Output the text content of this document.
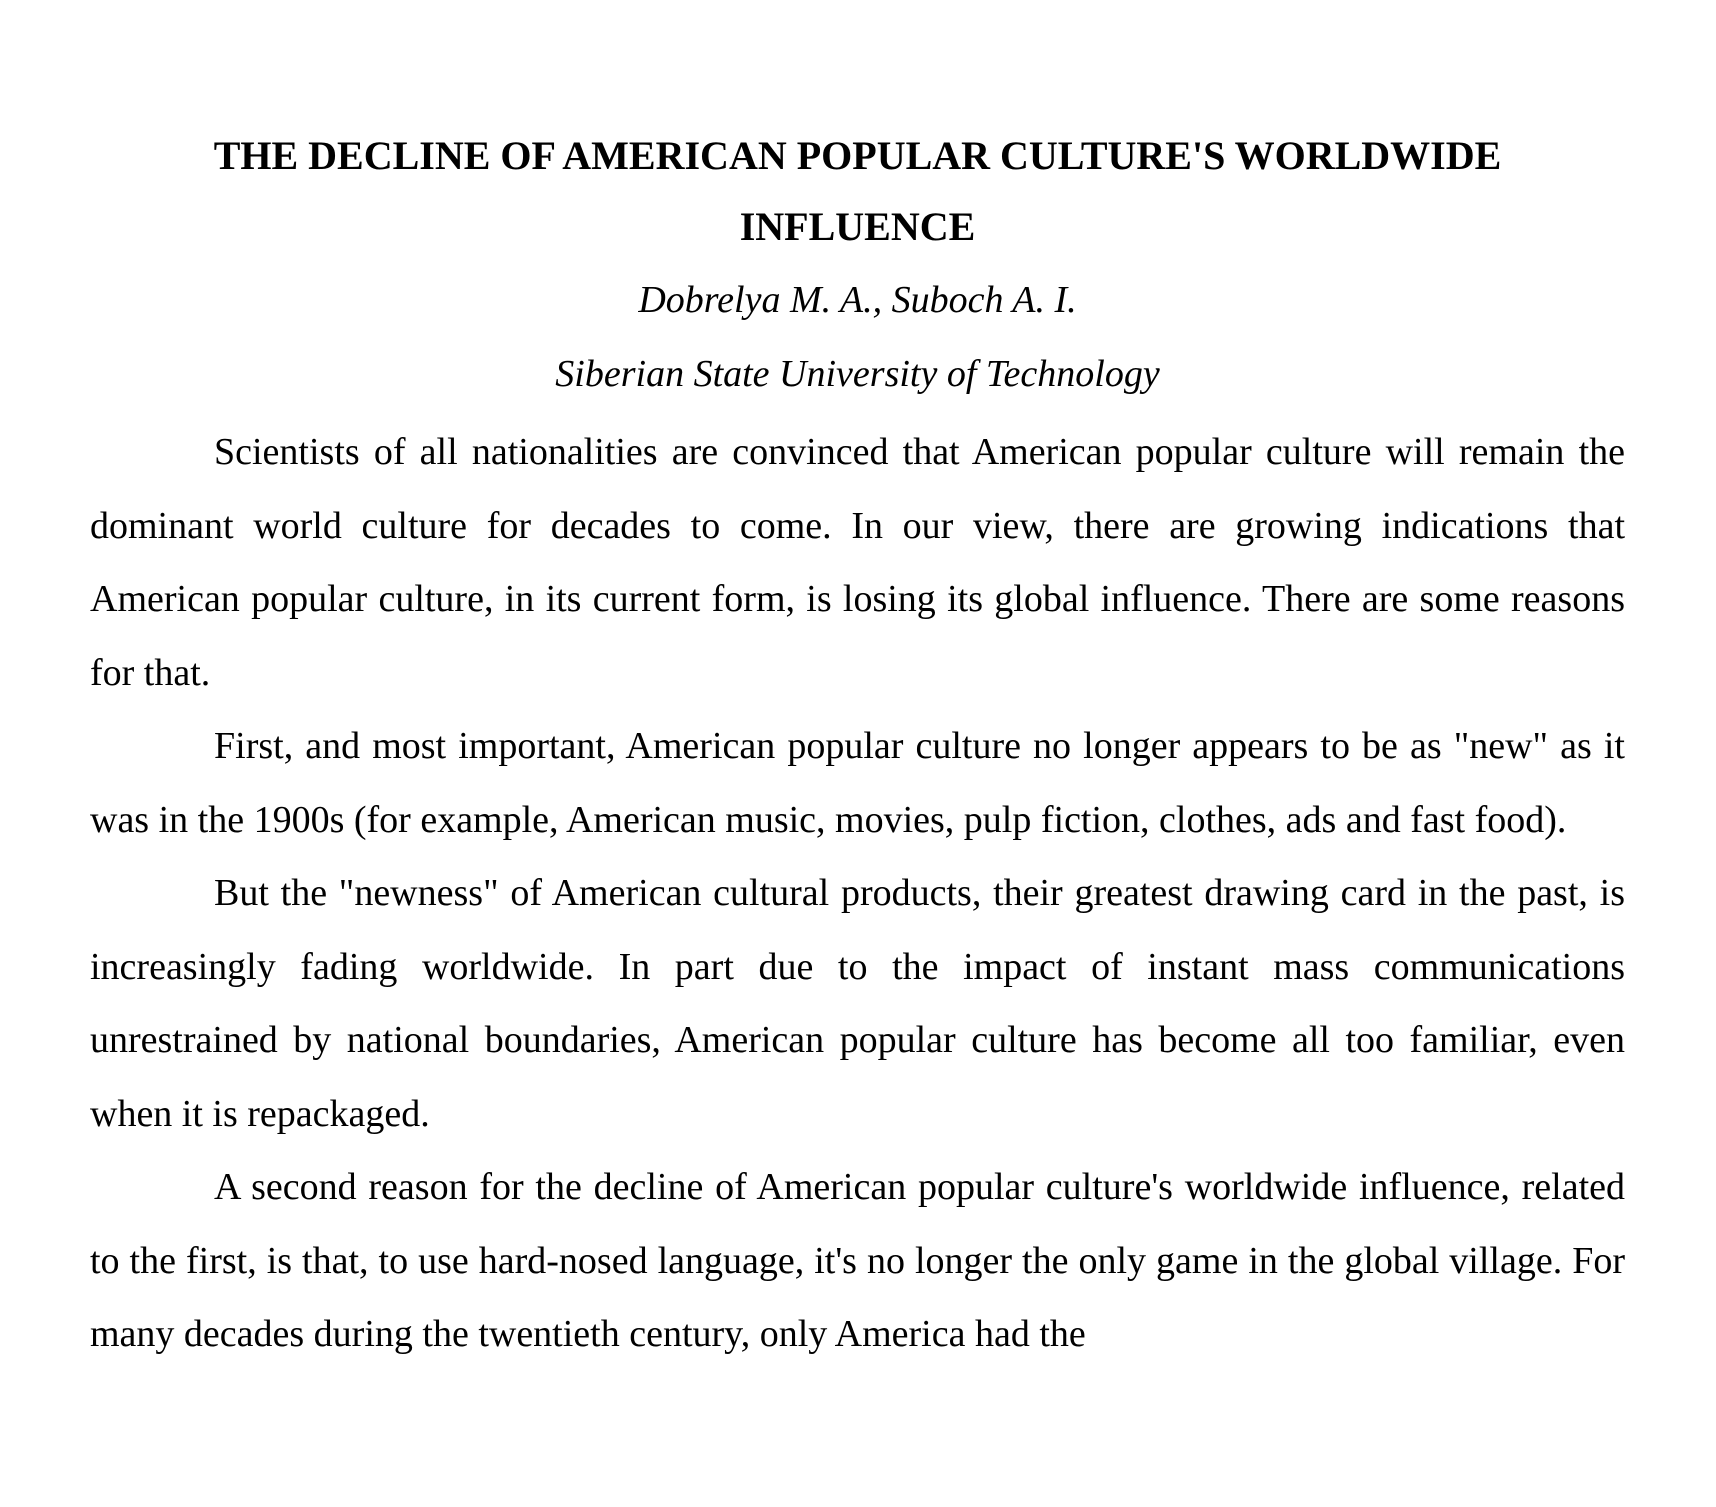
THE DECLINE OF AMERICAN POPULAR CULTURE'S WORLDWIDE
INFLUENCE
Dobrelya M. A., Suboch A. I.
Siberian State University of Technology

Scientists of all nationalities are convinced that American popular culture will remain the dominant world culture for decades to come. In our view, there are growing indications that American popular culture, in its current form, is losing its global influence. There are some reasons for that.

First, and most important, American popular culture no longer appears to be as "new" as it was in the 1900s (for example, American music, movies, pulp fiction, clothes, ads and fast food).

But the "newness" of American cultural products, their greatest drawing card in the past, is increasingly fading worldwide. In part due to the impact of instant mass communications unrestrained by national boundaries, American popular culture has become all too familiar, even when it is repackaged.

A second reason for the decline of American popular culture's worldwide influence, related to the first, is that, to use hard-nosed language, it's no longer the only game in the global village. For many decades during the twentieth century, only America had the
